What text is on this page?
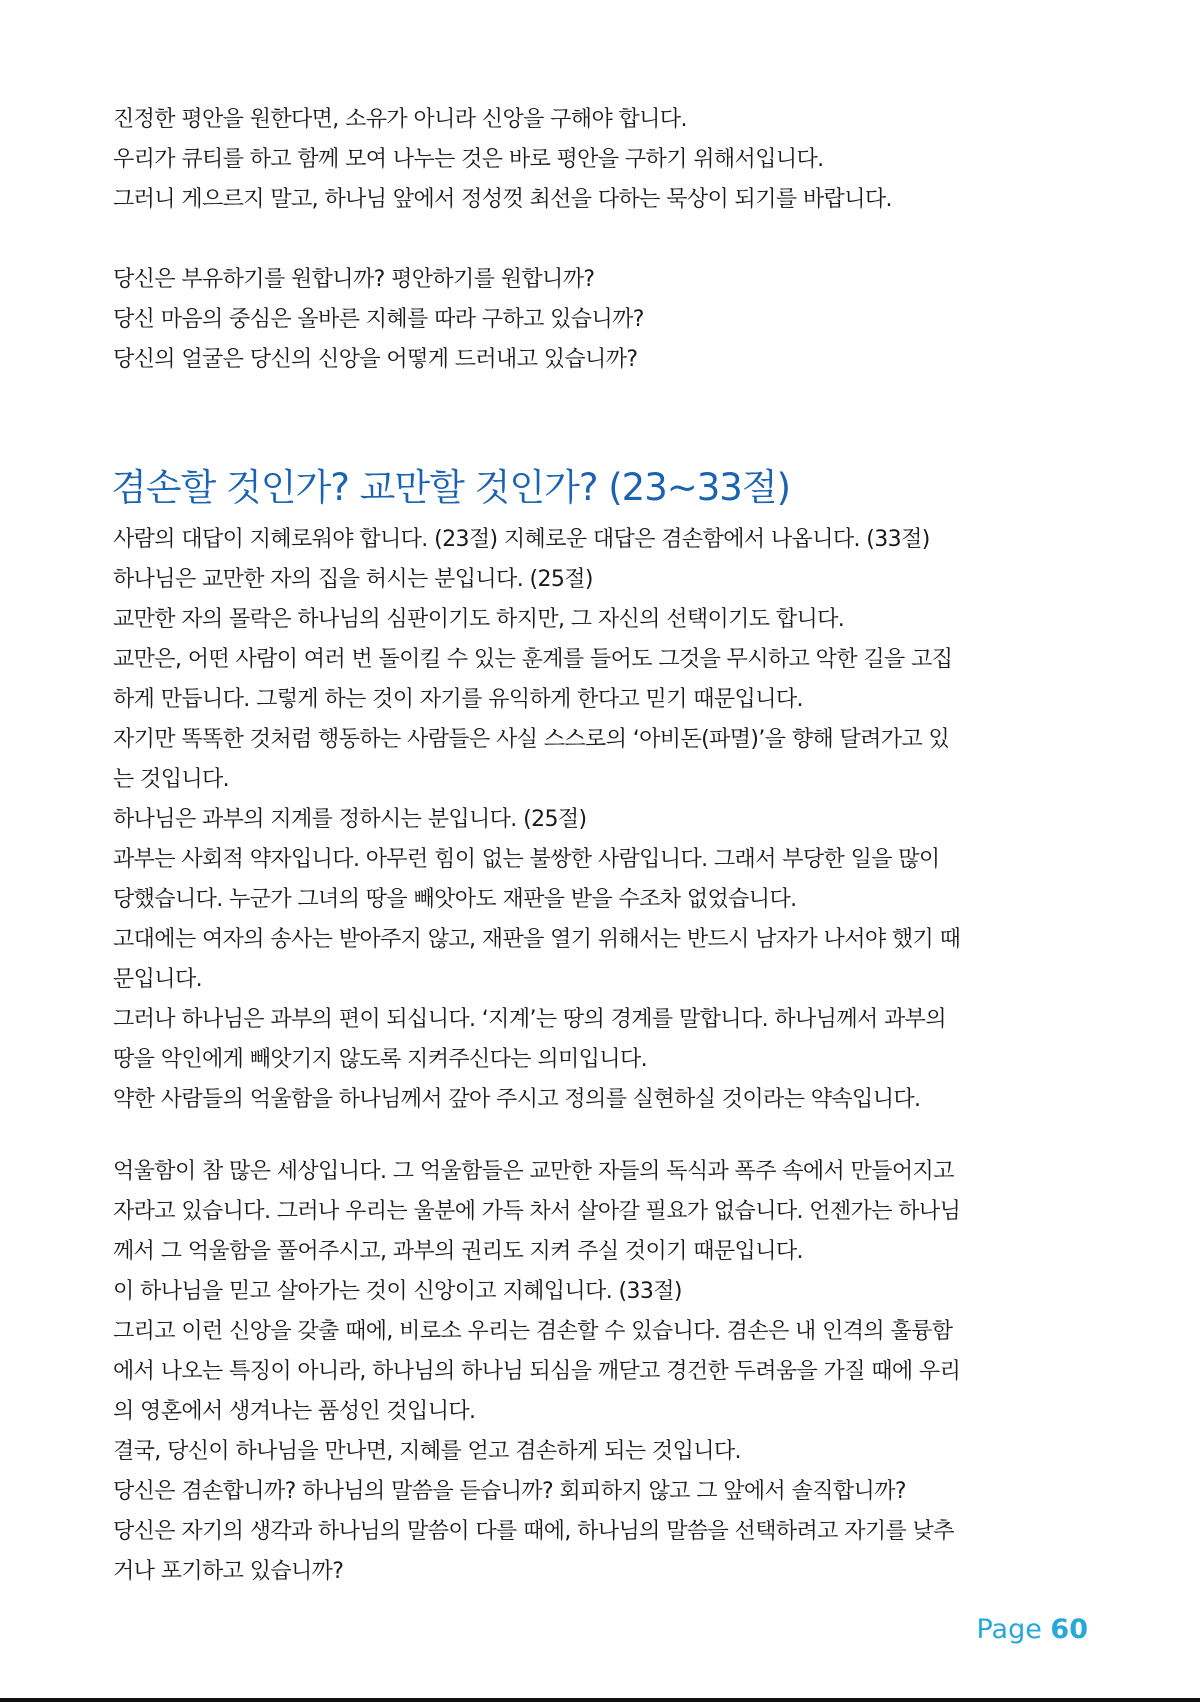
진정한 평안을 원한다면, 소유가 아니라 신앙을 구해야 합니다.
우리가 큐티를 하고 함께 모여 나누는 것은 바로 평안을 구하기 위해서입니다.
그러니 게으르지 말고, 하나님 앞에서 정성껏 최선을 다하는 묵상이 되기를 바랍니다.
당신은 부유하기를 원합니까? 평안하기를 원합니까?
당신 마음의 중심은 올바른 지혜를 따라 구하고 있습니까?
당신의 얼굴은 당신의 신앙을 어떻게 드러내고 있습니까?
겸손할 것인가? 교만할 것인가? (23~33절)
사람의 대답이 지혜로워야 합니다. (23절) 지혜로운 대답은 겸손함에서 나옵니다. (33절)
하나님은 교만한 자의 집을 허시는 분입니다. (25절)
교만한 자의 몰락은 하나님의 심판이기도 하지만, 그 자신의 선택이기도 합니다.
교만은, 어떤 사람이 여러 번 돌이킬 수 있는 훈계를 들어도 그것을 무시하고 악한 길을 고집
하게 만듭니다. 그렇게 하는 것이 자기를 유익하게 한다고 믿기 때문입니다.
자기만 똑똑한 것처럼 행동하는 사람들은 사실 스스로의 ‘아비돈(파멸)’을 향해 달려가고 있
는 것입니다.
하나님은 과부의 지계를 정하시는 분입니다. (25절)
과부는 사회적 약자입니다. 아무런 힘이 없는 불쌍한 사람입니다. 그래서 부당한 일을 많이
당했습니다. 누군가 그녀의 땅을 빼앗아도 재판을 받을 수조차 없었습니다.
고대에는 여자의 송사는 받아주지 않고, 재판을 열기 위해서는 반드시 남자가 나서야 했기 때
문입니다.
그러나 하나님은 과부의 편이 되십니다. ‘지계’는 땅의 경계를 말합니다. 하나님께서 과부의
땅을 악인에게 빼앗기지 않도록 지켜주신다는 의미입니다.
약한 사람들의 억울함을 하나님께서 갚아 주시고 정의를 실현하실 것이라는 약속입니다.
억울함이 참 많은 세상입니다. 그 억울함들은 교만한 자들의 독식과 폭주 속에서 만들어지고
자라고 있습니다. 그러나 우리는 울분에 가득 차서 살아갈 필요가 없습니다. 언젠가는 하나님
께서 그 억울함을 풀어주시고, 과부의 권리도 지켜 주실 것이기 때문입니다.
이 하나님을 믿고 살아가는 것이 신앙이고 지혜입니다. (33절)
그리고 이런 신앙을 갖출 때에, 비로소 우리는 겸손할 수 있습니다. 겸손은 내 인격의 훌륭함
에서 나오는 특징이 아니라, 하나님의 하나님 되심을 깨닫고 경건한 두려움을 가질 때에 우리
의 영혼에서 생겨나는 품성인 것입니다.
결국, 당신이 하나님을 만나면, 지혜를 얻고 겸손하게 되는 것입니다.
당신은 겸손합니까? 하나님의 말씀을 듣습니까? 회피하지 않고 그 앞에서 솔직합니까?
당신은 자기의 생각과 하나님의 말씀이 다를 때에, 하나님의 말씀을 선택하려고 자기를 낮추
거나 포기하고 있습니까?
Page 60
